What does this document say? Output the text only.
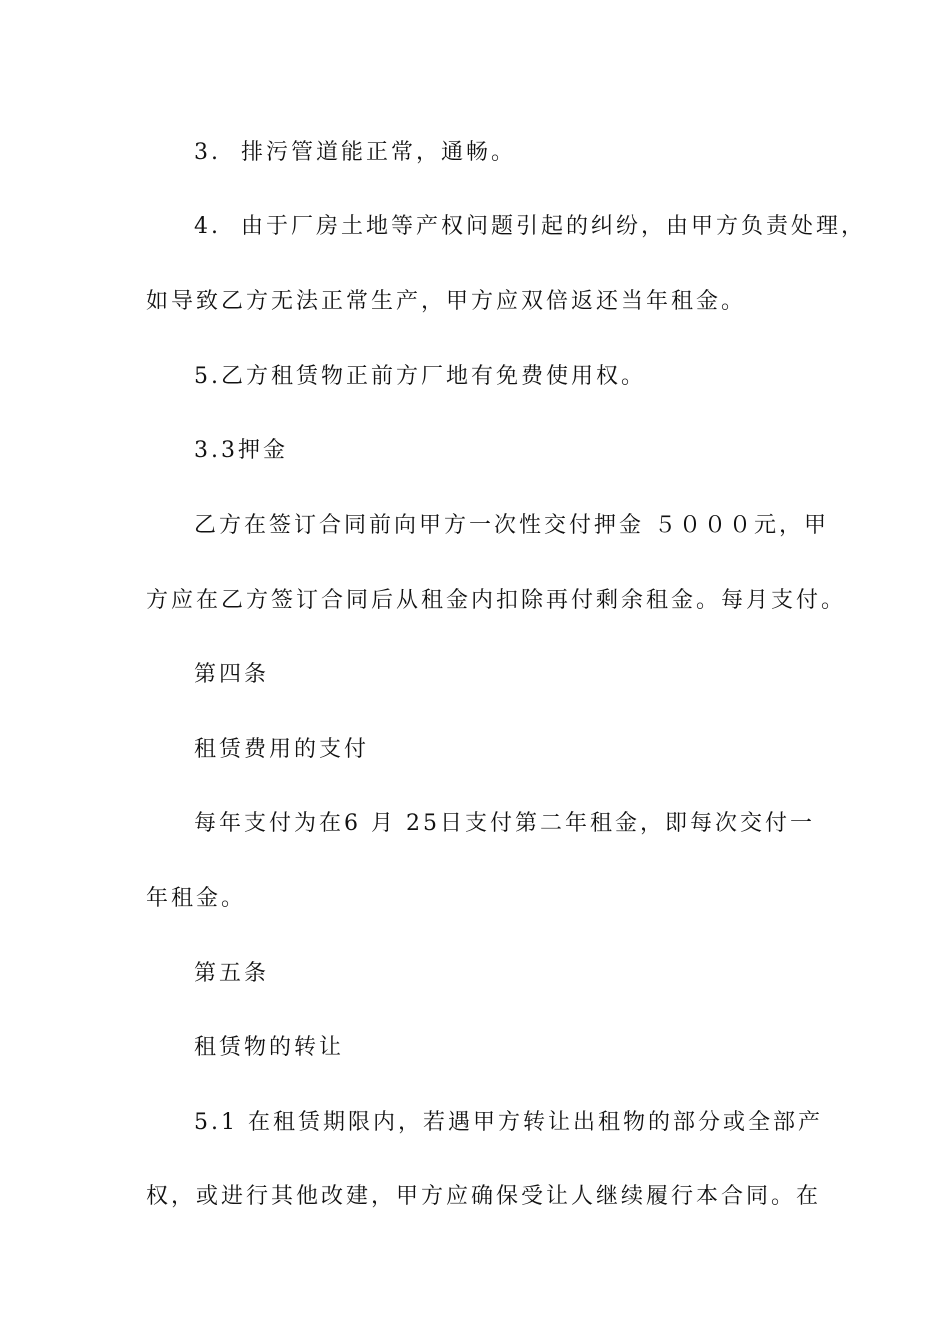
3.  排污管道能正常，通畅。
4.  由于厂房土地等产权问题引起的纠纷，由甲方负责处理，
如导致乙方无法正常生产，甲方应双倍返还当年租金。
5.乙方租赁物正前方厂地有免费使用权。
3.3押金
乙方在签订合同前向甲方一次性交付押金 ５０００元，甲
方应在乙方签订合同后从租金内扣除再付剩余租金。每月支付。
第四条
租赁费用的支付
每年支付为在6 月 25日支付第二年租金，即每次交付一
年租金。
第五条
租赁物的转让
5.1 在租赁期限内，若遇甲方转让出租物的部分或全部产
权，或进行其他改建，甲方应确保受让人继续履行本合同。在
